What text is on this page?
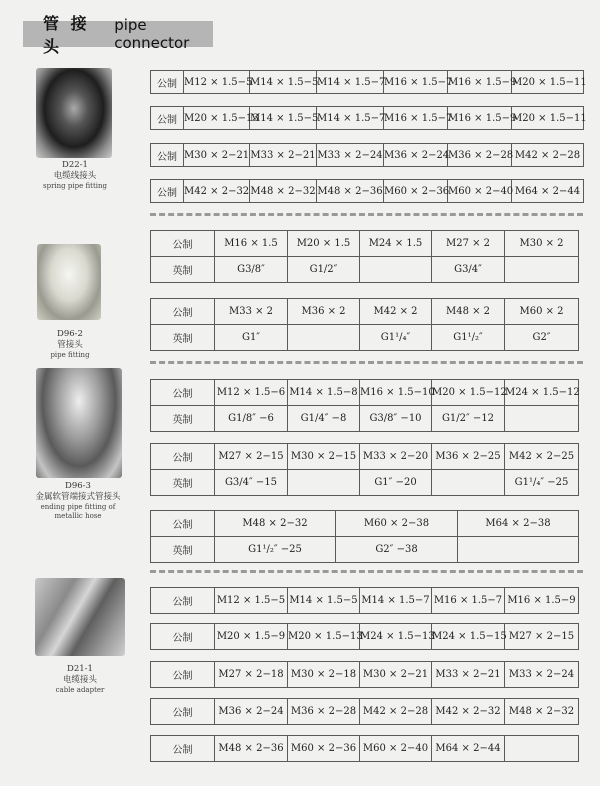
管 接 头
pipe connector
D22-1
电缆线接头
spring pipe fitting
D96-2
管接头
pipe fitting
D96-3
金属软管端接式管接头
ending pipe fitting of metallic hose
D21-1
电缆接头
cable adapter
公制	M12 × 1.5−5	M14 × 1.5−5	M14 × 1.5−7	M16 × 1.5−7	M16 × 1.5−9	M20 × 1.5−11
公制	M20 × 1.5−13	M14 × 1.5−5	M14 × 1.5−7	M16 × 1.5−7	M16 × 1.5−9	M20 × 1.5−11
公制	M30 × 2−21	M33 × 2−21	M33 × 2−24	M36 × 2−24	M36 × 2−28	M42 × 2−28
公制	M42 × 2−32	M48 × 2−32	M48 × 2−36	M60 × 2−36	M60 × 2−40	M64 × 2−44
公制	M16 × 1.5	M20 × 1.5	M24 × 1.5	M27 × 2	M30 × 2
英制	G3/8″	G1/2″		G3/4″	
公制	M33 × 2	M36 × 2	M42 × 2	M48 × 2	M60 × 2
英制	G1″		G1¹/₄″	G1¹/₂″	G2″
公制	M12 × 1.5−6	M14 × 1.5−8	M16 × 1.5−10	M20 × 1.5−12	M24 × 1.5−12
英制	G1/8″ −6	G1/4″ −8	G3/8″ −10	G1/2″ −12	
公制	M27 × 2−15	M30 × 2−15	M33 × 2−20	M36 × 2−25	M42 × 2−25
英制	G3/4″ −15		G1″ −20		G1¹/₄″ −25
公制	M48 × 2−32	M60 × 2−38	M64 × 2−38
英制	G1¹/₂″ −25	G2″ −38	
公制	M12 × 1.5−5	M14 × 1.5−5	M14 × 1.5−7	M16 × 1.5−7	M16 × 1.5−9
公制	M20 × 1.5−9	M20 × 1.5−13	M24 × 1.5−13	M24 × 1.5−15	M27 × 2−15
公制	M27 × 2−18	M30 × 2−18	M30 × 2−21	M33 × 2−21	M33 × 2−24
公制	M36 × 2−24	M36 × 2−28	M42 × 2−28	M42 × 2−32	M48 × 2−32
公制	M48 × 2−36	M60 × 2−36	M60 × 2−40	M64 × 2−44	
